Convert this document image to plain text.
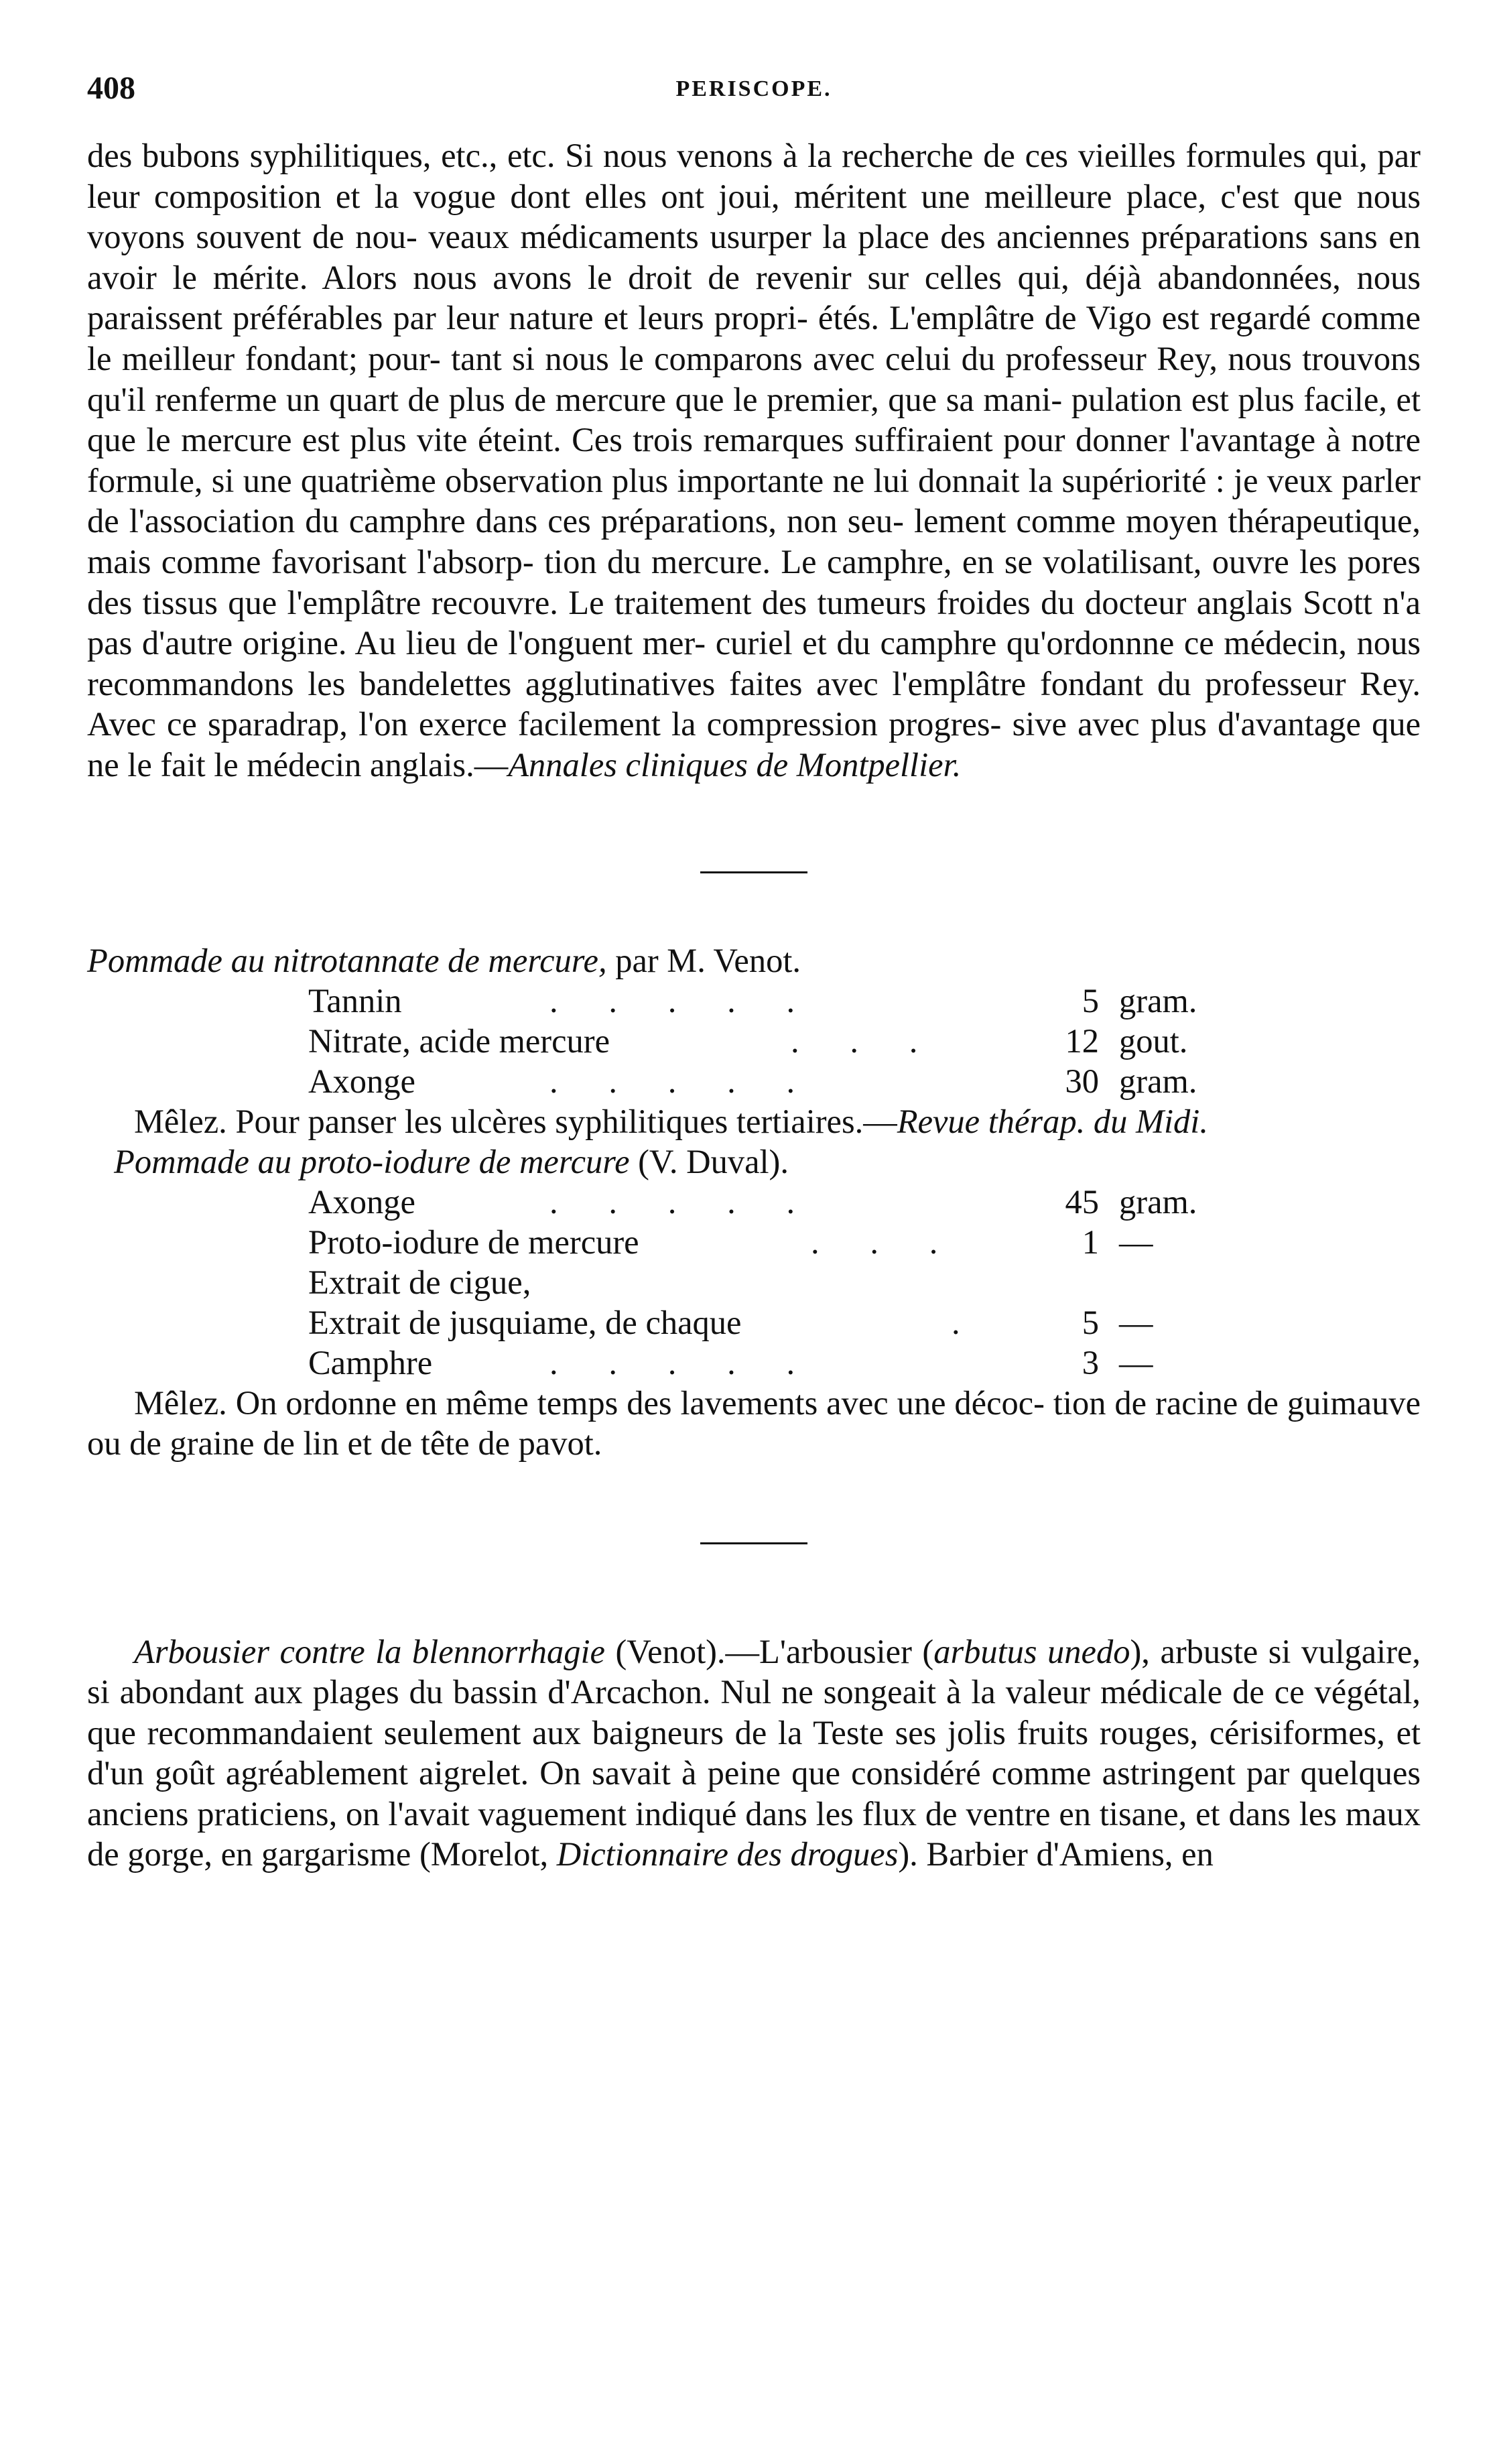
408	PERISCOPE.

des bubons syphilitiques, etc., etc. Si nous venons à la recherche de ces vieilles formules qui, par leur composition et la vogue dont elles ont joui, méritent une meilleure place, c'est que nous voyons souvent de nou- veaux médicaments usurper la place des anciennes préparations sans en avoir le mérite. Alors nous avons le droit de revenir sur celles qui, déjà abandonnées, nous paraissent préférables par leur nature et leurs propri- étés. L'emplâtre de Vigo est regardé comme le meilleur fondant; pour- tant si nous le comparons avec celui du professeur Rey, nous trouvons qu'il renferme un quart de plus de mercure que le premier, que sa mani- pulation est plus facile, et que le mercure est plus vite éteint. Ces trois remarques suffiraient pour donner l'avantage à notre formule, si une quatrième observation plus importante ne lui donnait la supériorité : je veux parler de l'association du camphre dans ces préparations, non seu- lement comme moyen thérapeutique, mais comme favorisant l'absorp- tion du mercure. Le camphre, en se volatilisant, ouvre les pores des tissus que l'emplâtre recouvre. Le traitement des tumeurs froides du docteur anglais Scott n'a pas d'autre origine. Au lieu de l'onguent mer- curiel et du camphre qu'ordonnne ce médecin, nous recommandons les bandelettes agglutinatives faites avec l'emplâtre fondant du professeur Rey. Avec ce sparadrap, l'on exerce facilement la compression progres- sive avec plus d'avantage que ne le fait le médecin anglais.—Annales cliniques de Montpellier.

Pommade au nitrotannate de mercure, par M. Venot.

Tannin	.      .      .      .      .	5 gram.
Nitrate, acide mercure	.      .      .	12 gout.
Axonge	.      .      .      .      .	30 gram.

Mêlez. Pour panser les ulcères syphilitiques tertiaires.—Revue thérap. du Midi.

Pommade au proto-iodure de mercure (V. Duval).

Axonge	.      .      .      .      .	45 gram.
Proto-iodure de mercure	.      .      .	1 —
Extrait de cigue,
Extrait de jusquiame, de chaque	.	5 —
Camphre	.      .      .      .      .	3 —

Mêlez. On ordonne en même temps des lavements avec une décoc- tion de racine de guimauve ou de graine de lin et de tête de pavot.

Arbousier contre la blennorrhagie (Venot).—L'arbousier (arbutus unedo), arbuste si vulgaire, si abondant aux plages du bassin d'Arcachon. Nul ne songeait à la valeur médicale de ce végétal, que recommandaient seulement aux baigneurs de la Teste ses jolis fruits rouges, cérisiformes, et d'un goût agréablement aigrelet. On savait à peine que considéré comme astringent par quelques anciens praticiens, on l'avait vaguement indiqué dans les flux de ventre en tisane, et dans les maux de gorge, en gargarisme (Morelot, Dictionnaire des drogues). Barbier d'Amiens, en
